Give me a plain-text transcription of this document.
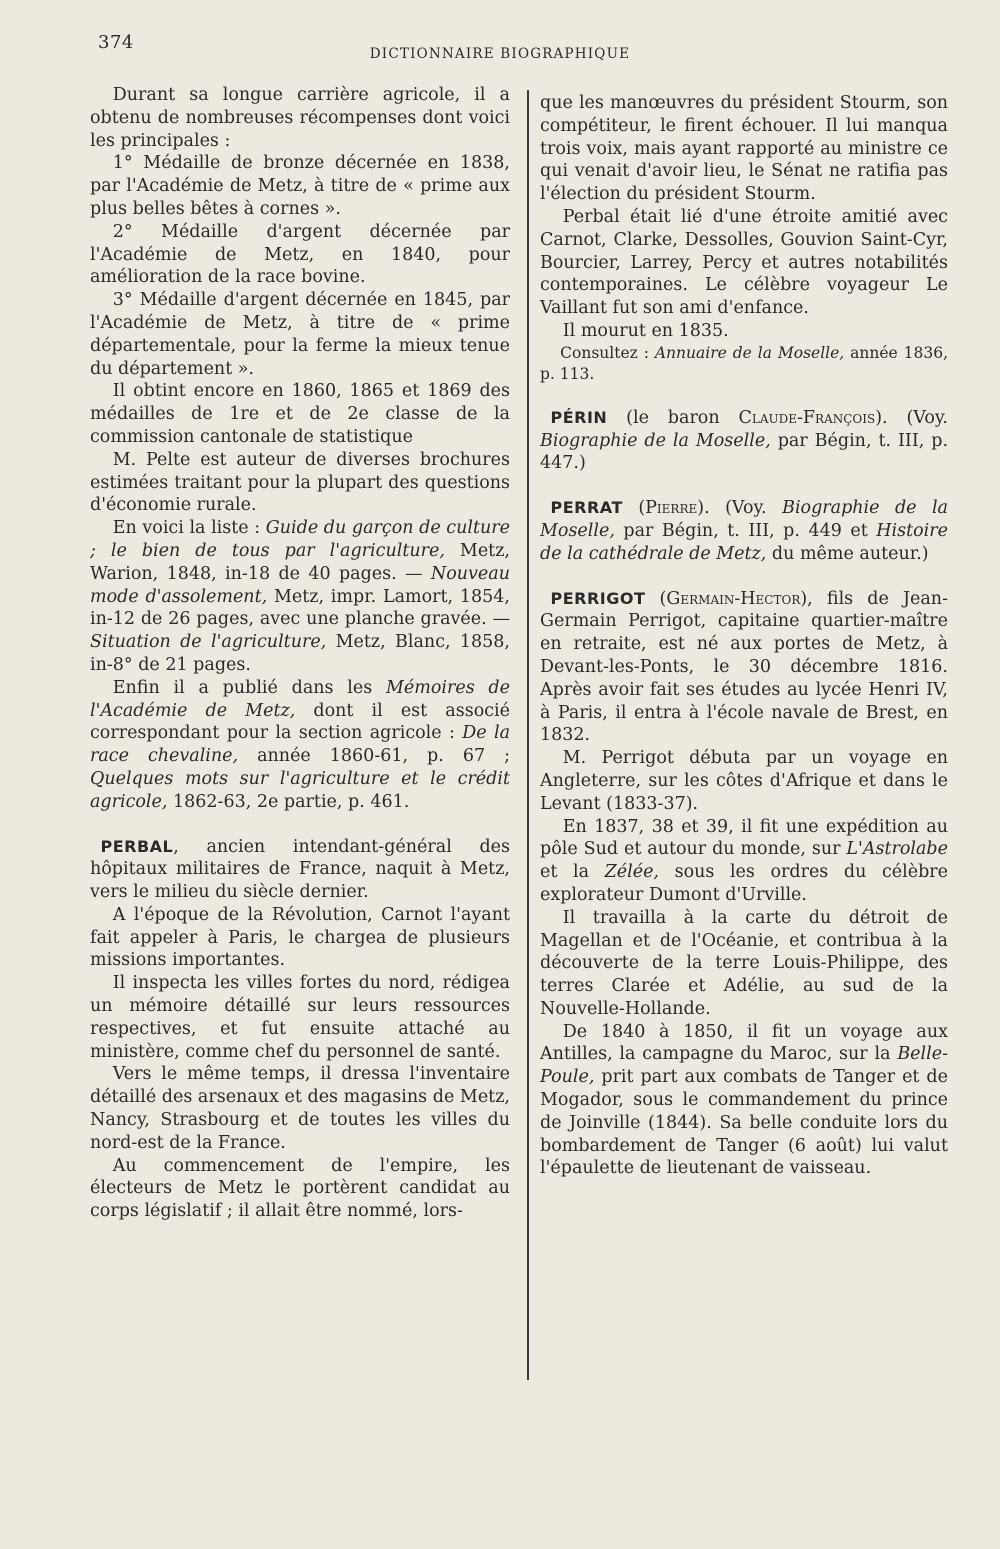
374
DICTIONNAIRE BIOGRAPHIQUE

Durant sa longue carrière agricole, il a obtenu de nombreuses récompenses dont voici les principales :

1° Médaille de bronze décernée en 1838, par l'Académie de Metz, à titre de « prime aux plus belles bêtes à cornes ».

2° Médaille d'argent décernée par l'Académie de Metz, en 1840, pour amélioration de la race bovine.

3° Médaille d'argent décernée en 1845, par l'Académie de Metz, à titre de « prime départementale, pour la ferme la mieux tenue du département ».

Il obtint encore en 1860, 1865 et 1869 des médailles de 1re et de 2e classe de la commission cantonale de statistique

M. Pelte est auteur de diverses brochures estimées traitant pour la plupart des questions d'économie rurale.

En voici la liste : Guide du garçon de culture ; le bien de tous par l'agriculture, Metz, Warion, 1848, in-18 de 40 pages. — Nouveau mode d'assolement, Metz, impr. Lamort, 1854, in-12 de 26 pages, avec une planche gravée. — Situation de l'agriculture, Metz, Blanc, 1858, in-8° de 21 pages.

Enfin il a publié dans les Mémoires de l'Académie de Metz, dont il est associé correspondant pour la section agricole : De la race chevaline, année 1860-61, p. 67 ; Quelques mots sur l'agriculture et le crédit agricole, 1862-63, 2e partie, p. 461.

PERBAL, ancien intendant-général des hôpitaux militaires de France, naquit à Metz, vers le milieu du siècle dernier.

A l'époque de la Révolution, Carnot l'ayant fait appeler à Paris, le chargea de plusieurs missions importantes.

Il inspecta les villes fortes du nord, rédigea un mémoire détaillé sur leurs ressources respectives, et fut ensuite attaché au ministère, comme chef du personnel de santé.

Vers le même temps, il dressa l'inventaire détaillé des arsenaux et des magasins de Metz, Nancy, Strasbourg et de toutes les villes du nord-est de la France.

Au commencement de l'empire, les électeurs de Metz le portèrent candidat au corps législatif ; il allait être nommé, lors-

que les manœuvres du président Stourm, son compétiteur, le firent échouer. Il lui manqua trois voix, mais ayant rapporté au ministre ce qui venait d'avoir lieu, le Sénat ne ratifia pas l'élection du président Stourm.

Perbal était lié d'une étroite amitié avec Carnot, Clarke, Dessolles, Gouvion Saint-Cyr, Bourcier, Larrey, Percy et autres notabilités contemporaines. Le célèbre voyageur Le Vaillant fut son ami d'enfance.

Il mourut en 1835.

Consultez : Annuaire de la Moselle, année 1836, p. 113.

PÉRIN (le baron Claude-François). (Voy. Biographie de la Moselle, par Bégin, t. III, p. 447.)

PERRAT (Pierre). (Voy. Biographie de la Moselle, par Bégin, t. III, p. 449 et Histoire de la cathédrale de Metz, du même auteur.)

PERRIGOT (Germain-Hector), fils de Jean-Germain Perrigot, capitaine quartier-maître en retraite, est né aux portes de Metz, à Devant-les-Ponts, le 30 décembre 1816. Après avoir fait ses études au lycée Henri IV, à Paris, il entra à l'école navale de Brest, en 1832.

M. Perrigot débuta par un voyage en Angleterre, sur les côtes d'Afrique et dans le Levant (1833-37).

En 1837, 38 et 39, il fit une expédition au pôle Sud et autour du monde, sur L'Astrolabe et la Zélée, sous les ordres du célèbre explorateur Dumont d'Urville.

Il travailla à la carte du détroit de Magellan et de l'Océanie, et contribua à la découverte de la terre Louis-Philippe, des terres Clarée et Adélie, au sud de la Nouvelle-Hollande.

De 1840 à 1850, il fit un voyage aux Antilles, la campagne du Maroc, sur la Belle-Poule, prit part aux combats de Tanger et de Mogador, sous le commandement du prince de Joinville (1844). Sa belle conduite lors du bombardement de Tanger (6 août) lui valut l'épaulette de lieutenant de vaisseau.
